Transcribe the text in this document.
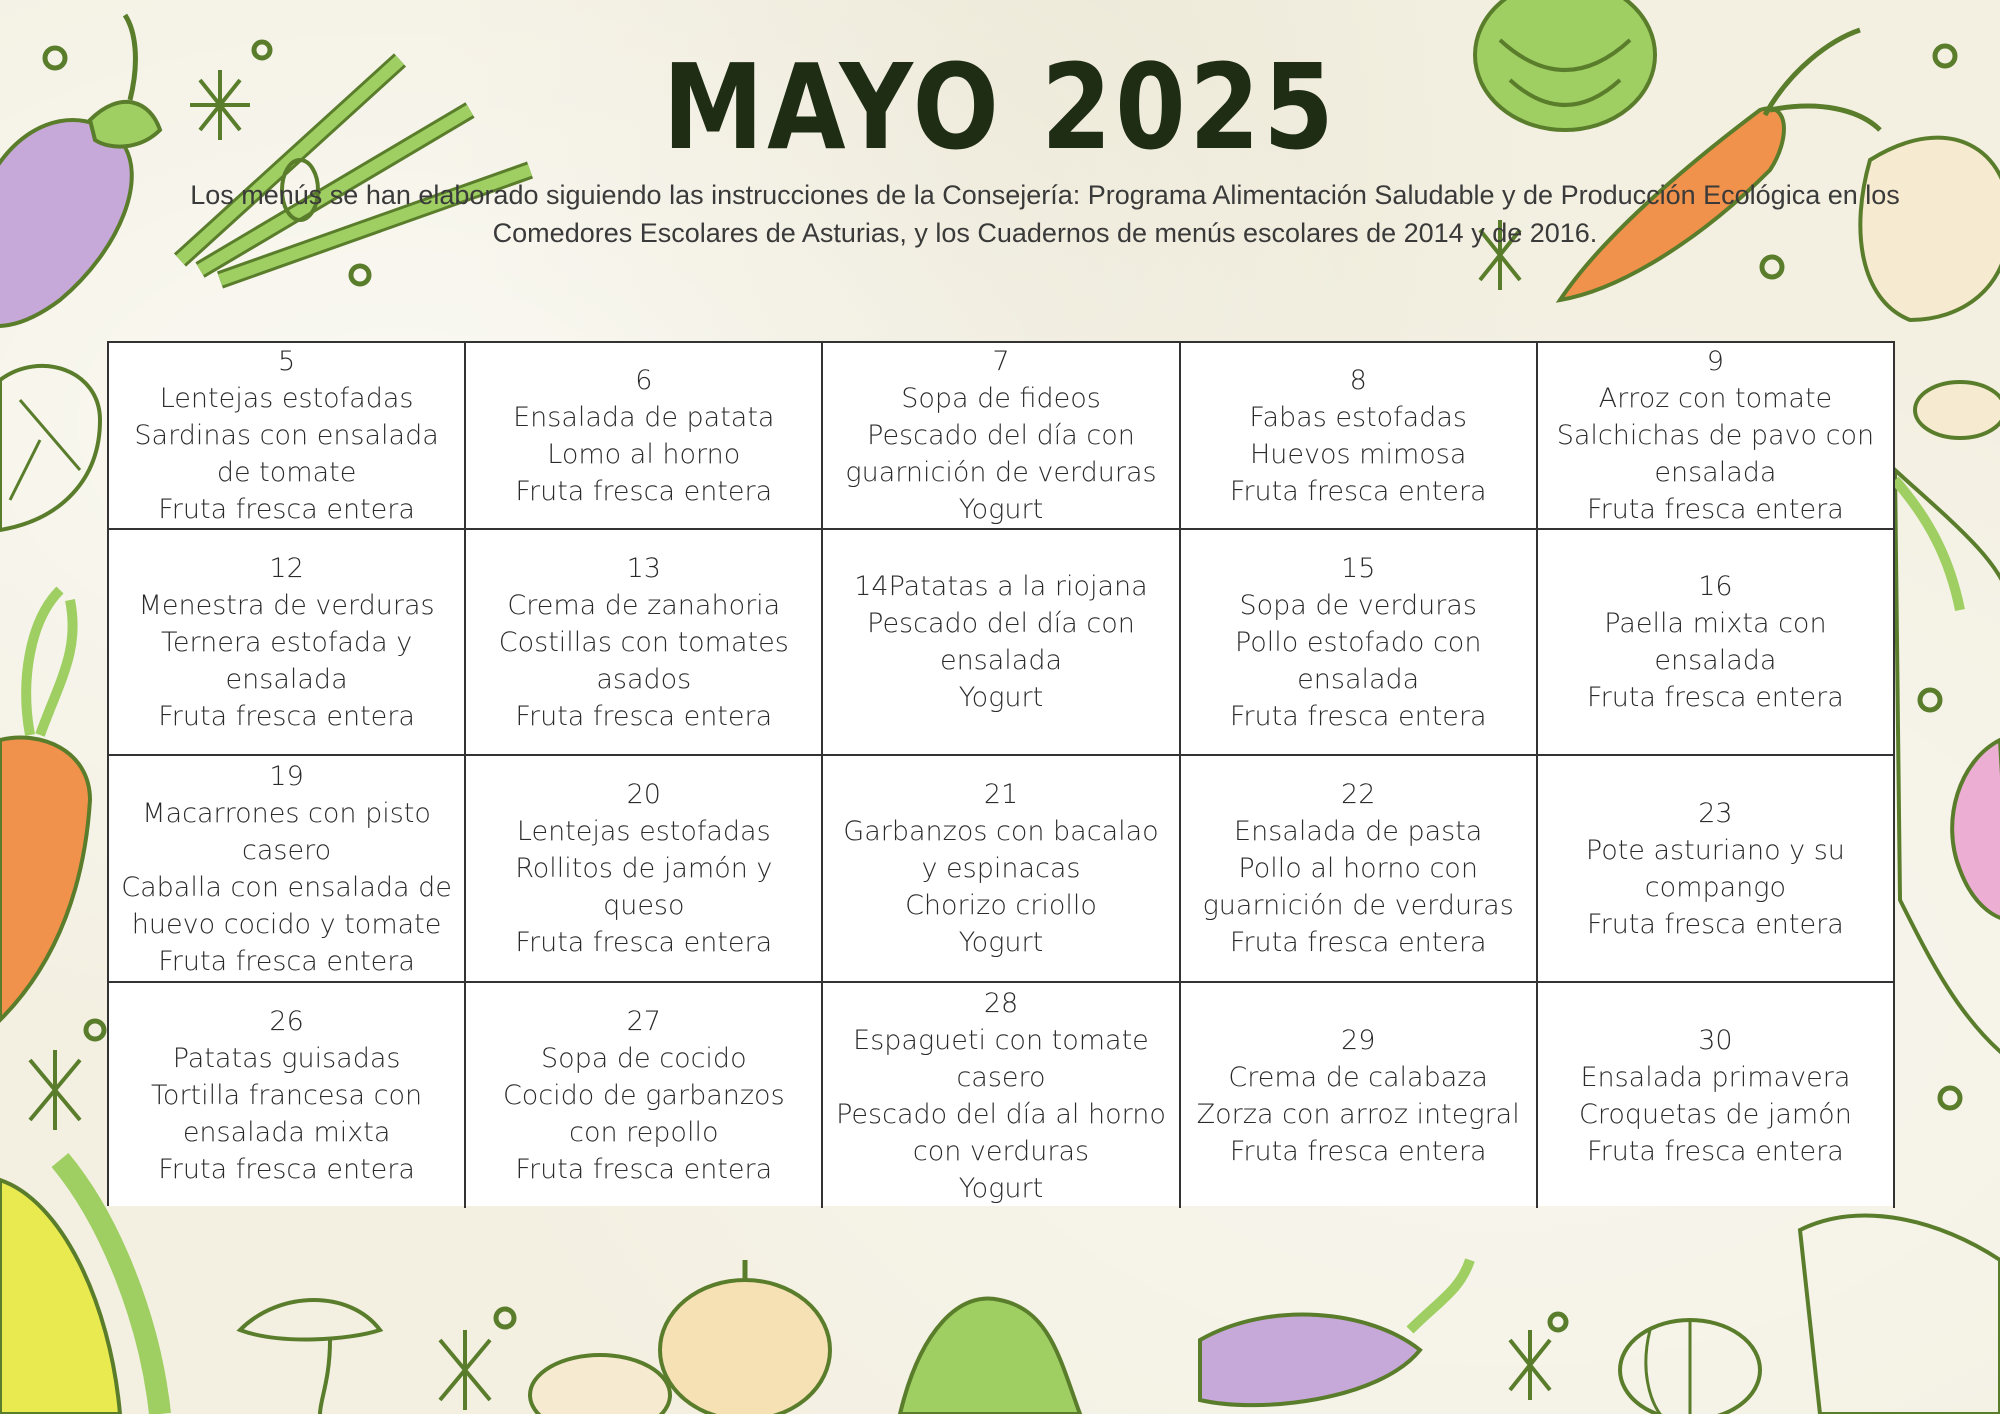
MAYO 2025
Los menús se han elaborado siguiendo las instrucciones de la Consejería: Programa Alimentación Saludable y de Producción Ecológica en los
Comedores Escolares de Asturias, y los Cuadernos de menús escolares de 2014 y de 2016.
5
Lentejas estofadas
Sardinas con ensalada
de tomate
Fruta fresca entera
6
Ensalada de patata
Lomo al horno
Fruta fresca entera
7
Sopa de fideos
Pescado del día con
guarnición de verduras
Yogurt
8
Fabas estofadas
Huevos mimosa
Fruta fresca entera
9
Arroz con tomate
Salchichas de pavo con
ensalada
Fruta fresca entera
12
Menestra de verduras
Ternera estofada y
ensalada
Fruta fresca entera
13
Crema de zanahoria
Costillas con tomates
asados
Fruta fresca entera
14Patatas a la riojana
Pescado del día con
ensalada
Yogurt
15
Sopa de verduras
Pollo estofado con
ensalada
Fruta fresca entera
16
Paella mixta con
ensalada
Fruta fresca entera
19
Macarrones con pisto
casero
Caballa con ensalada de
huevo cocido y tomate
Fruta fresca entera
20
Lentejas estofadas
Rollitos de jamón y
queso
Fruta fresca entera
21
Garbanzos con bacalao
y espinacas
Chorizo criollo
Yogurt
22
Ensalada de pasta
Pollo al horno con
guarnición de verduras
Fruta fresca entera
23
Pote asturiano y su
compango
Fruta fresca entera
26
Patatas guisadas
Tortilla francesa con
ensalada mixta
Fruta fresca entera
27
Sopa de cocido
Cocido de garbanzos
con repollo
Fruta fresca entera
28
Espagueti con tomate
casero
Pescado del día al horno
con verduras
Yogurt
29
Crema de calabaza
Zorza con arroz integral
Fruta fresca entera
30
Ensalada primavera
Croquetas de jamón
Fruta fresca entera
